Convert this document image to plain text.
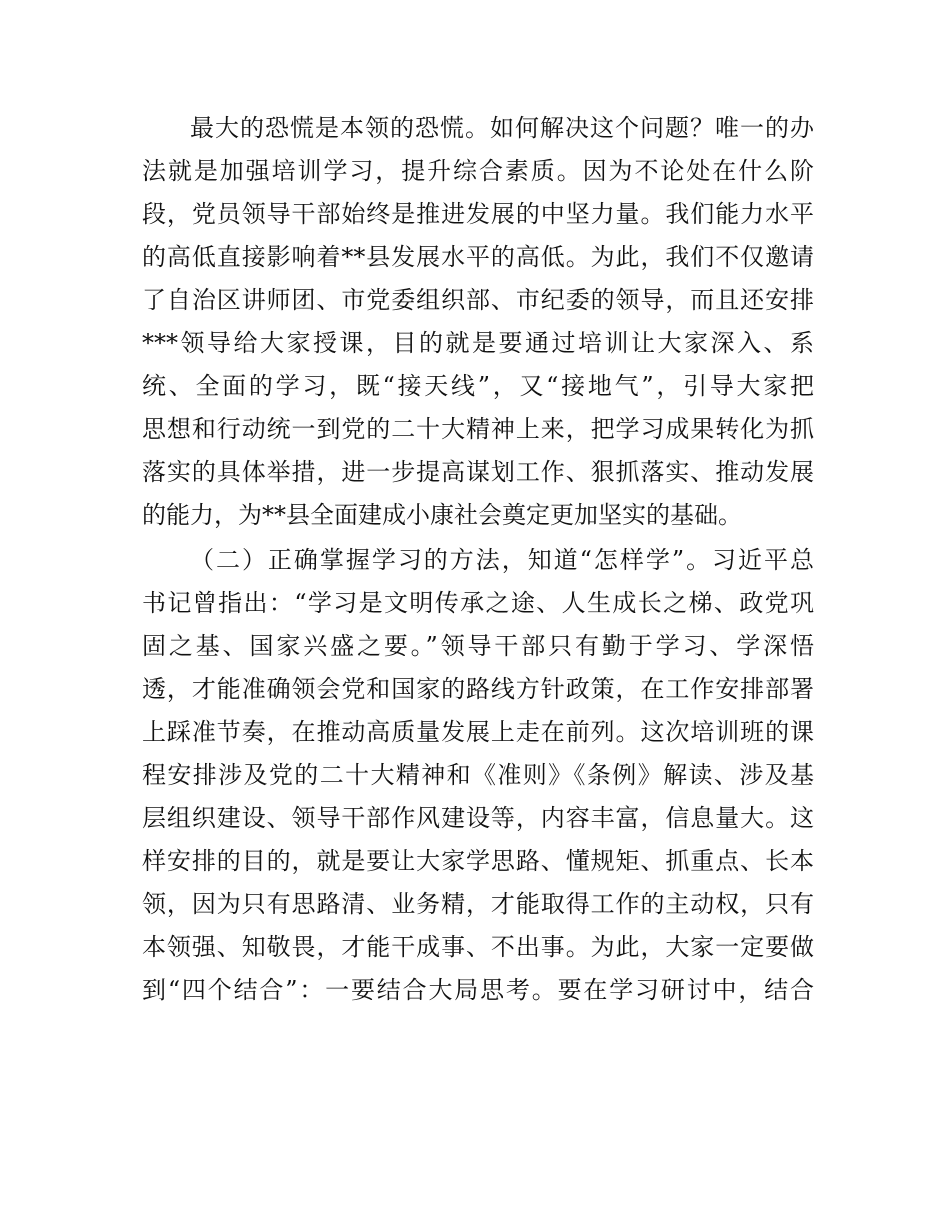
最大的恐慌是本领的恐慌。如何解决这个问题？唯一的办
法就是加强培训学习，提升综合素质。因为不论处在什么阶
段，党员领导干部始终是推进发展的中坚力量。我们能力水平
的高低直接影响着**县发展水平的高低。为此，我们不仅邀请
了自治区讲师团、市党委组织部、市纪委的领导，而且还安排
***领导给大家授课，目的就是要通过培训让大家深入、系
统、全面的学习，既“接天线”，又“接地气”，引导大家把
思想和行动统一到党的二十大精神上来，把学习成果转化为抓
落实的具体举措，进一步提高谋划工作、狠抓落实、推动发展
的能力，为**县全面建成小康社会奠定更加坚实的基础。
（二）正确掌握学习的方法，知道“怎样学”。习近平总
书记曾指出：“学习是文明传承之途、人生成长之梯、政党巩
固之基、国家兴盛之要。”领导干部只有勤于学习、学深悟
透，才能准确领会党和国家的路线方针政策，在工作安排部署
上踩准节奏，在推动高质量发展上走在前列。这次培训班的课
程安排涉及党的二十大精神和《准则》《条例》解读、涉及基
层组织建设、领导干部作风建设等，内容丰富，信息量大。这
样安排的目的，就是要让大家学思路、懂规矩、抓重点、长本
领，因为只有思路清、业务精，才能取得工作的主动权，只有
本领强、知敬畏，才能干成事、不出事。为此，大家一定要做
到“四个结合”：一要结合大局思考。要在学习研讨中，结合
